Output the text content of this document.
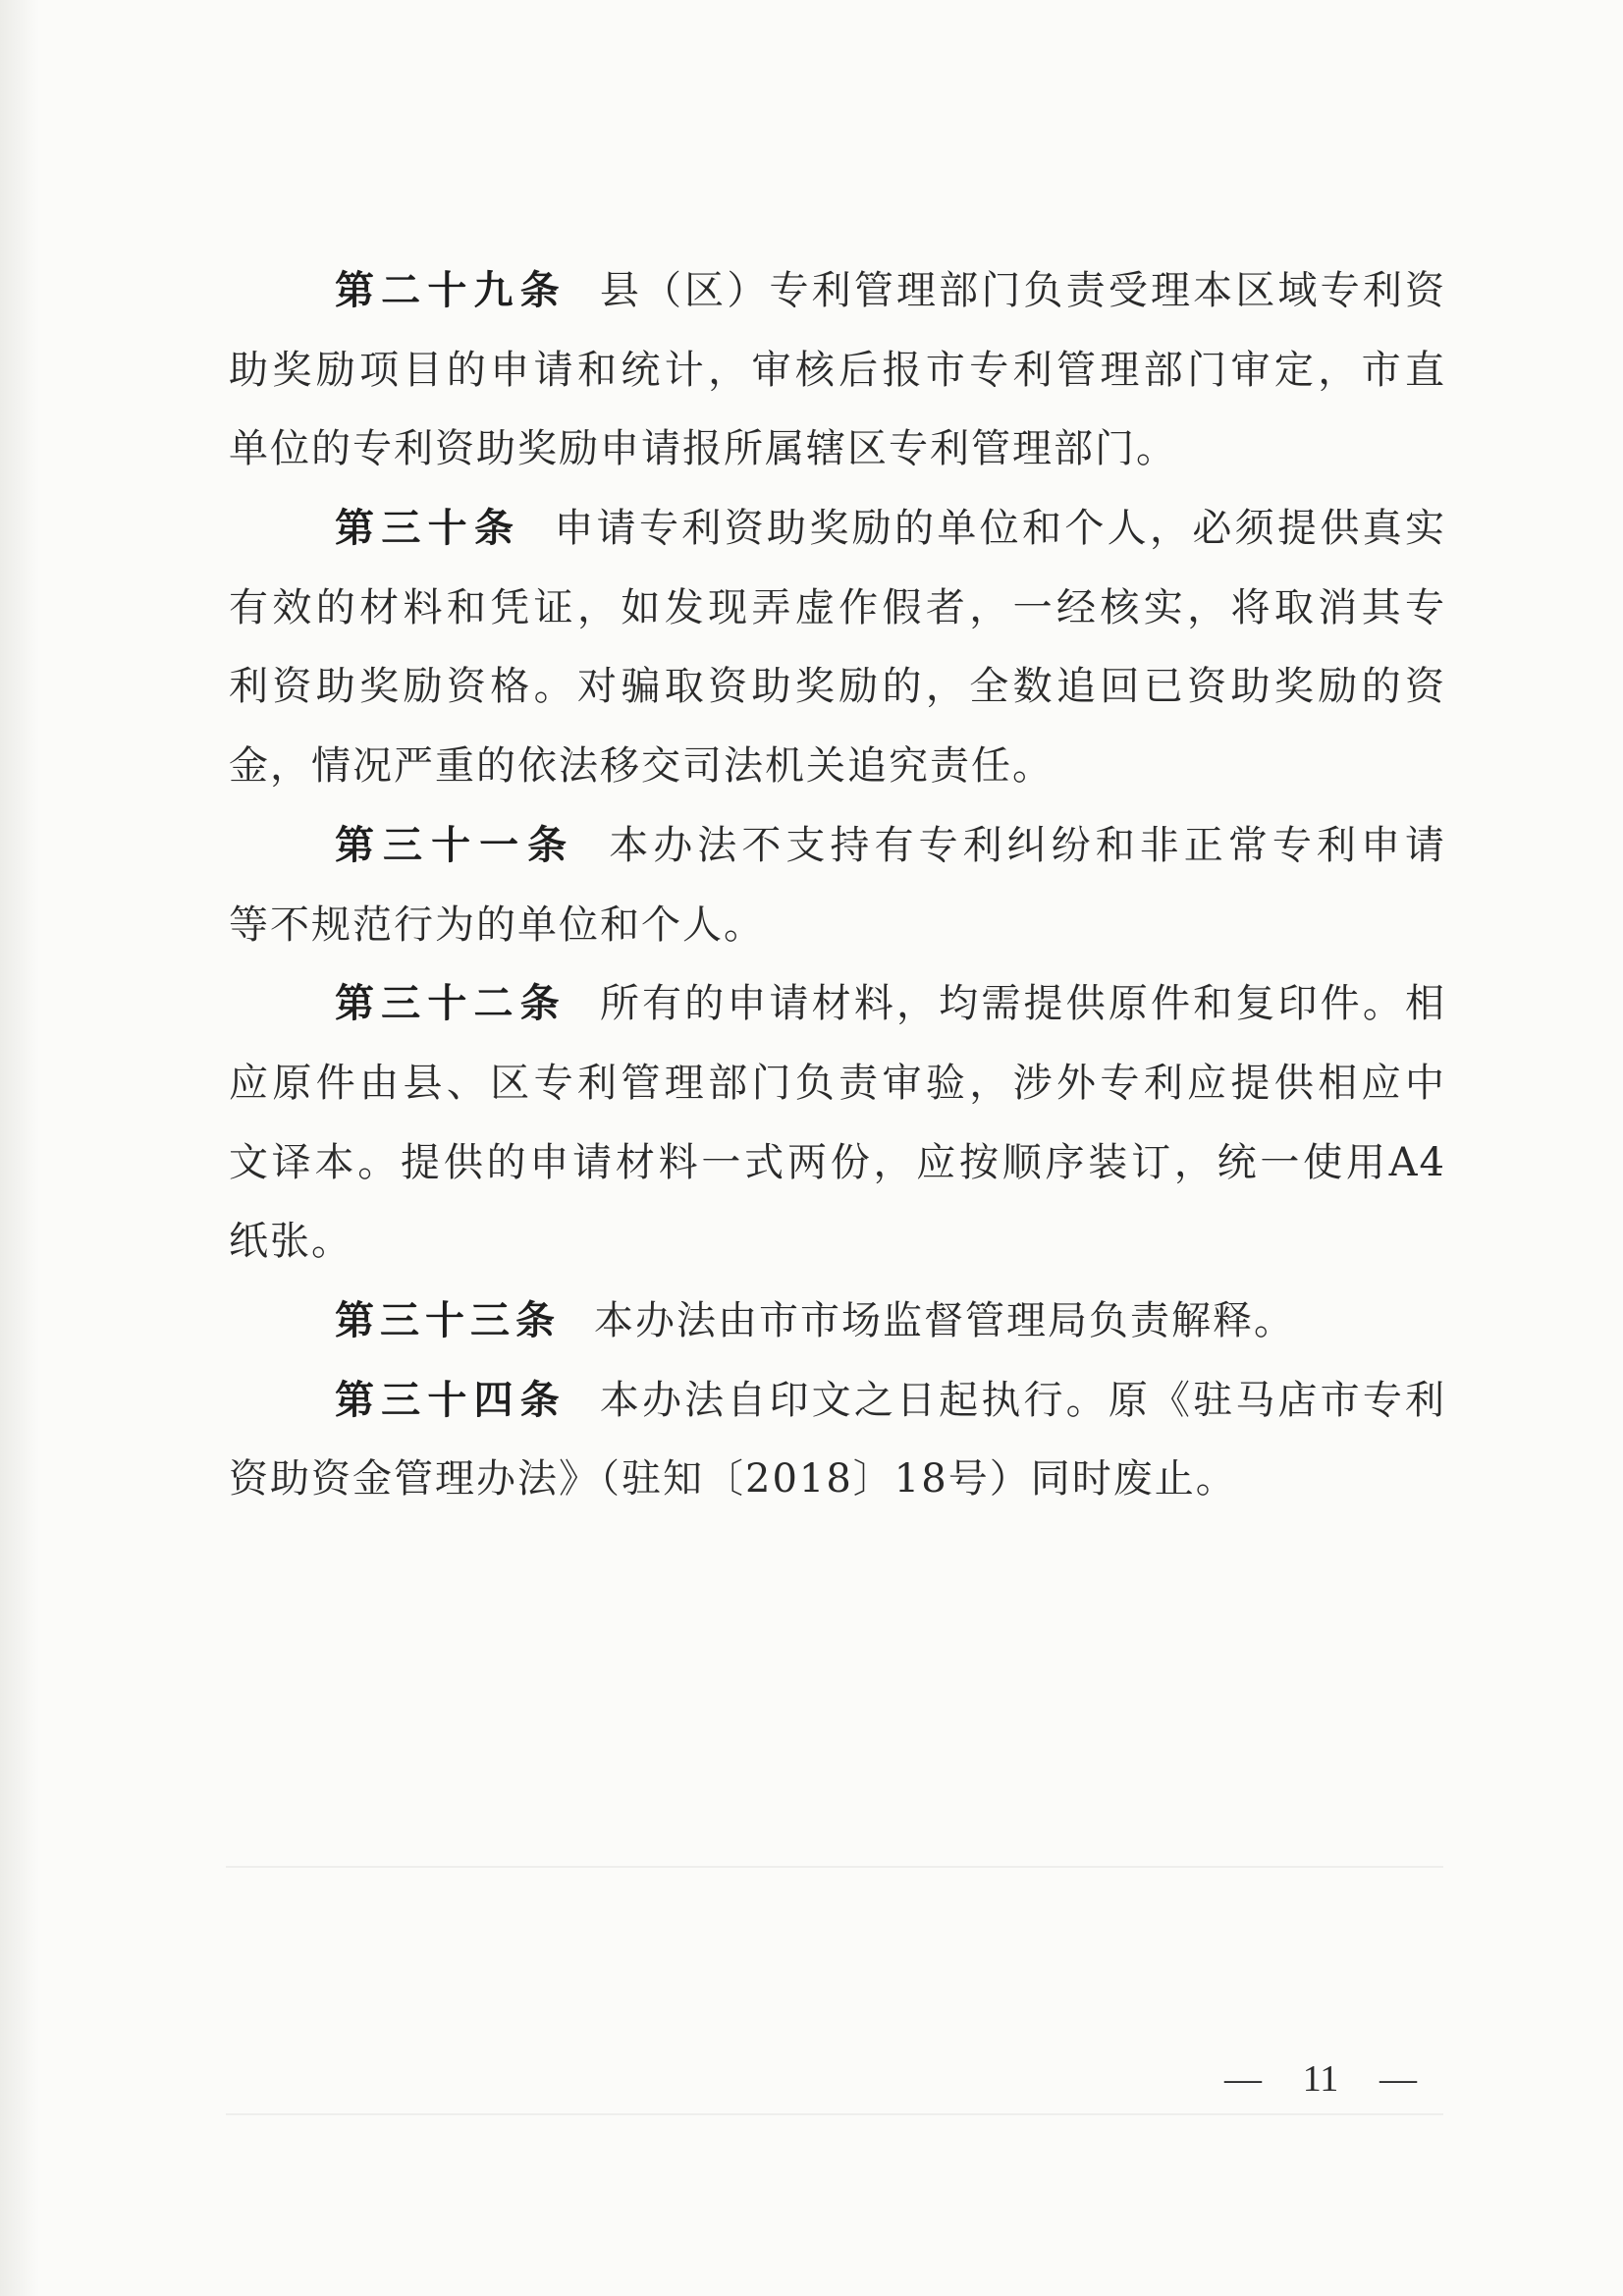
第二十九条 县（区）专利管理部门负责受理本区域专利资
助奖励项目的申请和统计，审核后报市专利管理部门审定，市直
单位的专利资助奖励申请报所属辖区专利管理部门。
第三十条 申请专利资助奖励的单位和个人，必须提供真实
有效的材料和凭证，如发现弄虚作假者，一经核实，将取消其专
利资助奖励资格。对骗取资助奖励的，全数追回已资助奖励的资
金，情况严重的依法移交司法机关追究责任。
第三十一条 本办法不支持有专利纠纷和非正常专利申请
等不规范行为的单位和个人。
第三十二条 所有的申请材料，均需提供原件和复印件。相
应原件由县、区专利管理部门负责审验，涉外专利应提供相应中
文译本。提供的申请材料一式两份，应按顺序装订，统一使用A4
纸张。
第三十三条 本办法由市市场监督管理局负责解释。
第三十四条 本办法自印文之日起执行。原《驻马店市专利
资助资金管理办法》（驻知〔2018〕18号）同时废止。
— 11 —
